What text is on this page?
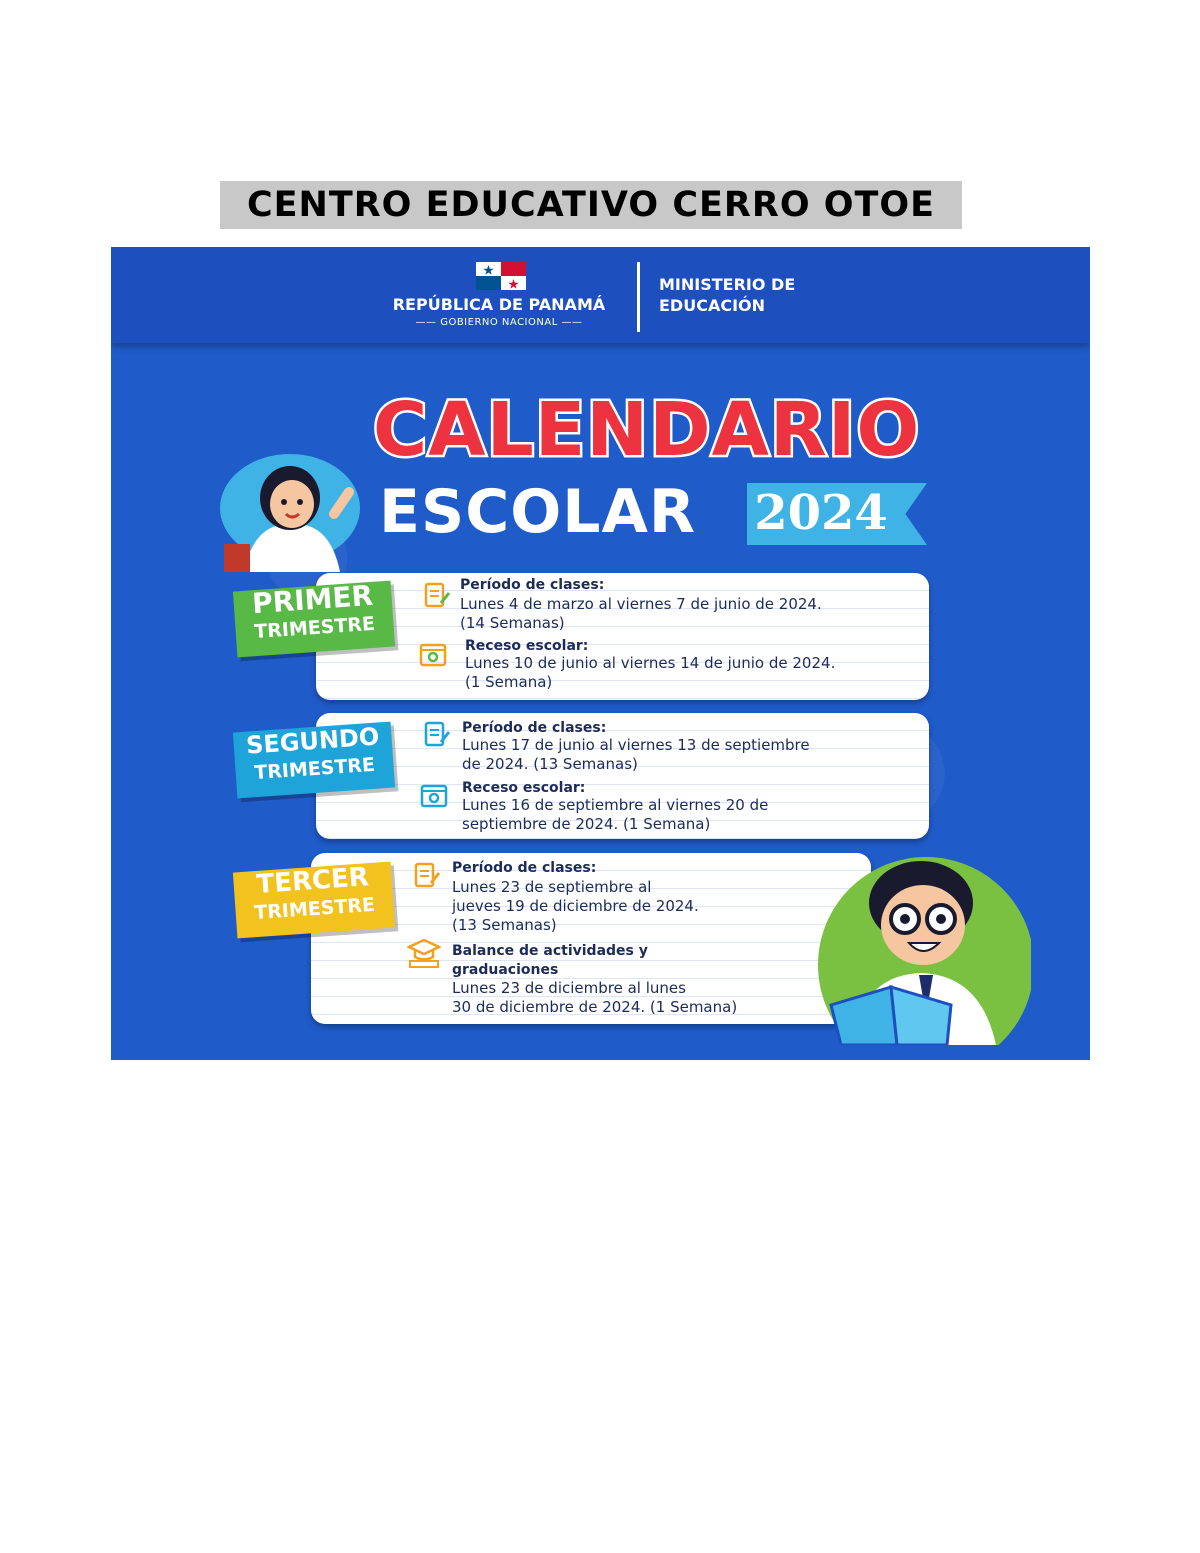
CENTRO EDUCATIVO CERRO OTOE
REPÚBLICA DE PANAMÁ
—— GOBIERNO NACIONAL ——
MINISTERIO DE
EDUCACIÓN
CALENDARIO
ESCOLAR	2024
PRIMER
TRIMESTRE
Período de clases:
Lunes 4 de marzo al viernes 7 de junio de 2024.
(14 Semanas)
Receso escolar:
Lunes 10 de junio al viernes 14 de junio de 2024.
(1 Semana)
SEGUNDO
TRIMESTRE
Período de clases:
Lunes 17 de junio al viernes 13 de septiembre
de 2024. (13 Semanas)
Receso escolar:
Lunes 16 de septiembre al viernes 20 de
septiembre de 2024. (1 Semana)
TERCER
TRIMESTRE
Período de clases:
Lunes 23 de septiembre al
jueves 19 de diciembre de 2024.
(13 Semanas)
Balance de actividades y
graduaciones
Lunes 23 de diciembre al lunes
30 de diciembre de 2024. (1 Semana)
